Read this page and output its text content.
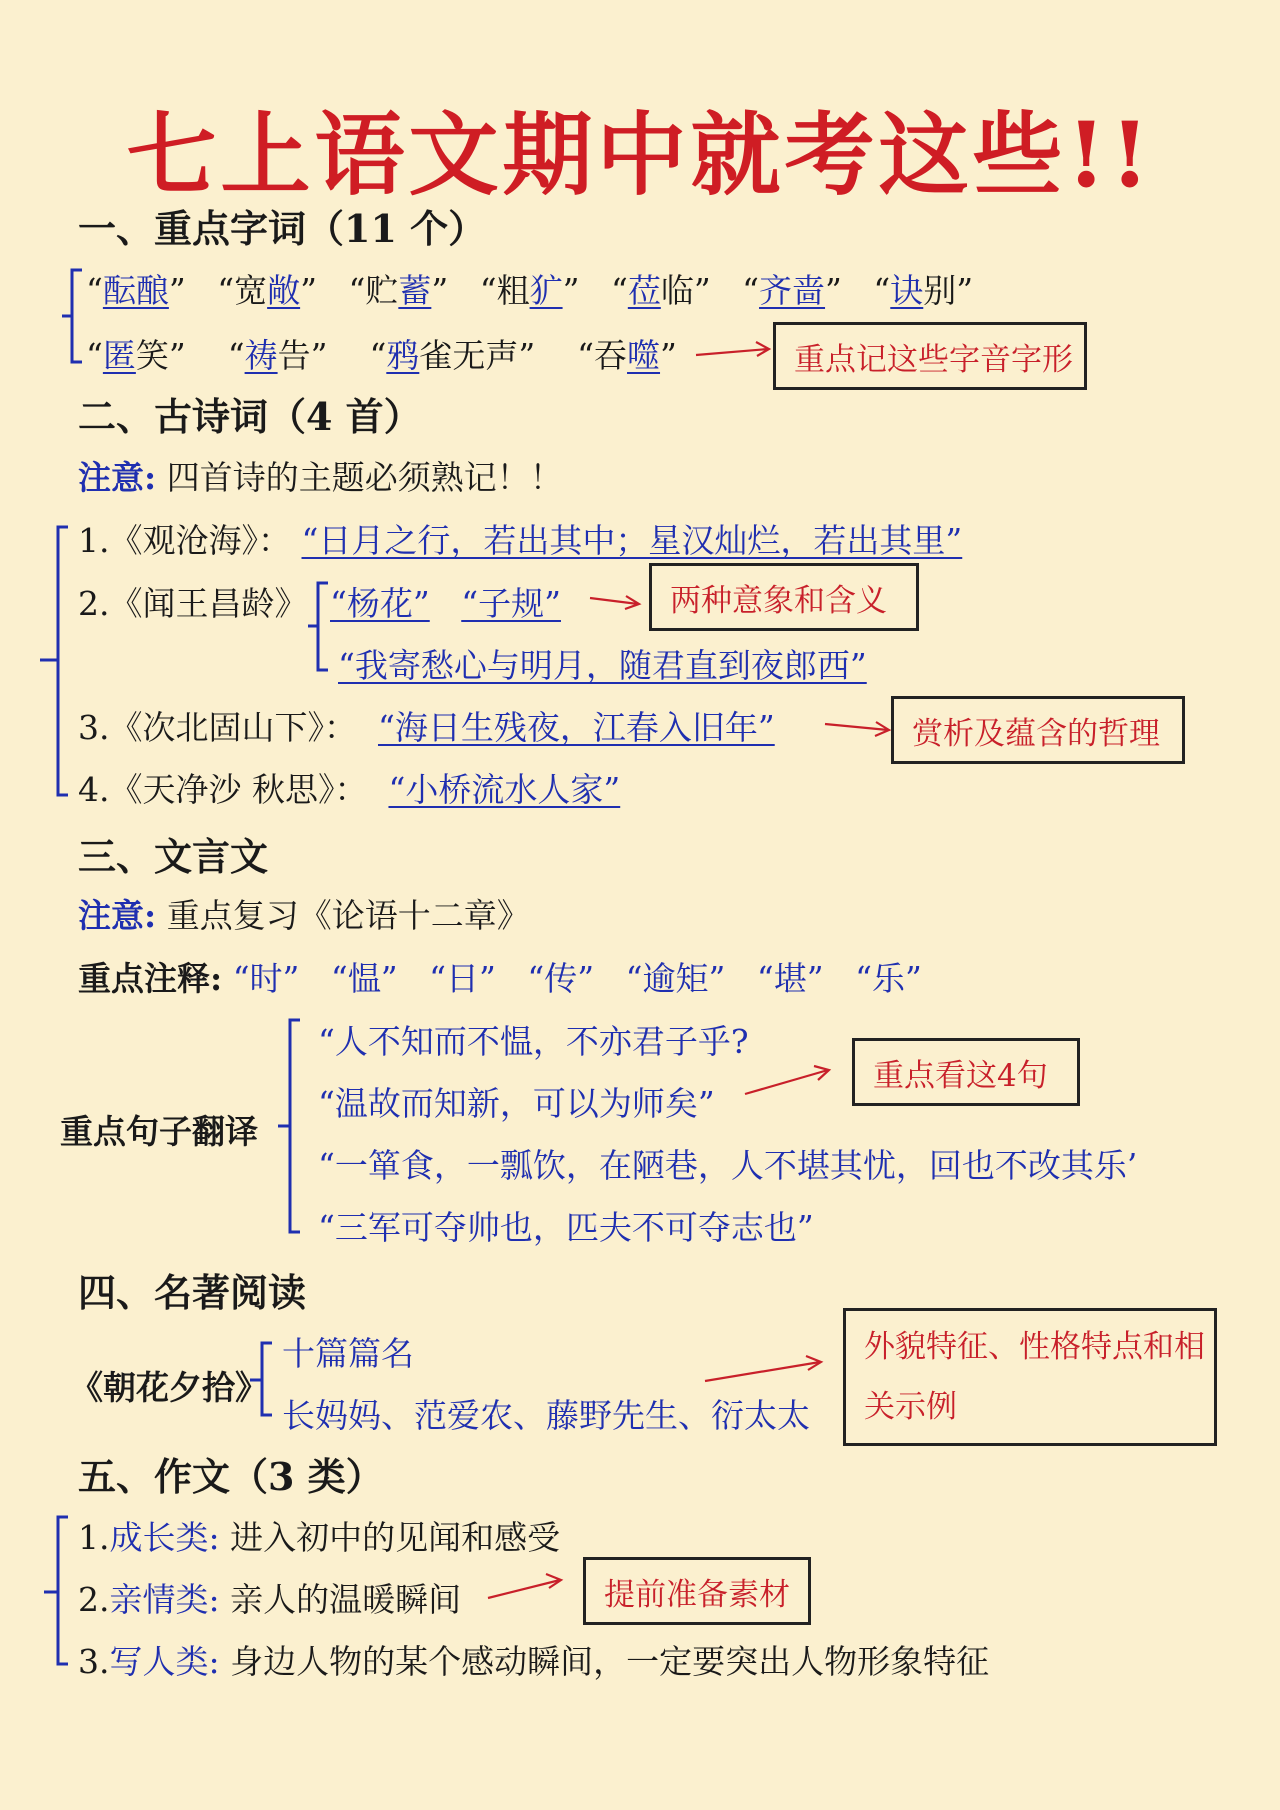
七上语文期中就考这些!!
一、重点字词（11 个）
“酝酿” “宽敞” “贮蓄” “粗犷” “莅临” “齐啬” “诀别”
“匿笑” “祷告” “鸦雀无声” “吞噬”	重点记这些字音字形
二、古诗词（4 首）
注意: 四首诗的主题必须熟记！！
1.《观沧海》： “日月之行，若出其中；星汉灿烂，若出其里”
2.《闻王昌龄》 “杨花” “子规”
“我寄愁心与明月，随君直到夜郎西”
两种意象和含义
3.《次北固山下》： “海日生残夜，江春入旧年”	赏析及蕴含的哲理
4.《天净沙 秋思》： “小桥流水人家”
三、文言文
注意: 重点复习《论语十二章》
重点注释: “时” “愠” “日” “传” “逾矩” “堪” “乐”
重点句子翻译
“人不知而不愠，不亦君子乎?
“温故而知新，可以为师矣”
“一箪食，一瓢饮，在陋巷，人不堪其忧，回也不改其乐’
“三军可夺帅也，匹夫不可夺志也”
重点看这4句
四、名著阅读
《朝花夕拾》
十篇篇名
长妈妈、范爱农、藤野先生、衍太太
外貌特征、性格特点和相
关示例
五、作文（3 类）
1.成长类: 进入初中的见闻和感受
2.亲情类: 亲人的温暖瞬间
3.写人类: 身边人物的某个感动瞬间，一定要突出人物形象特征
提前准备素材
